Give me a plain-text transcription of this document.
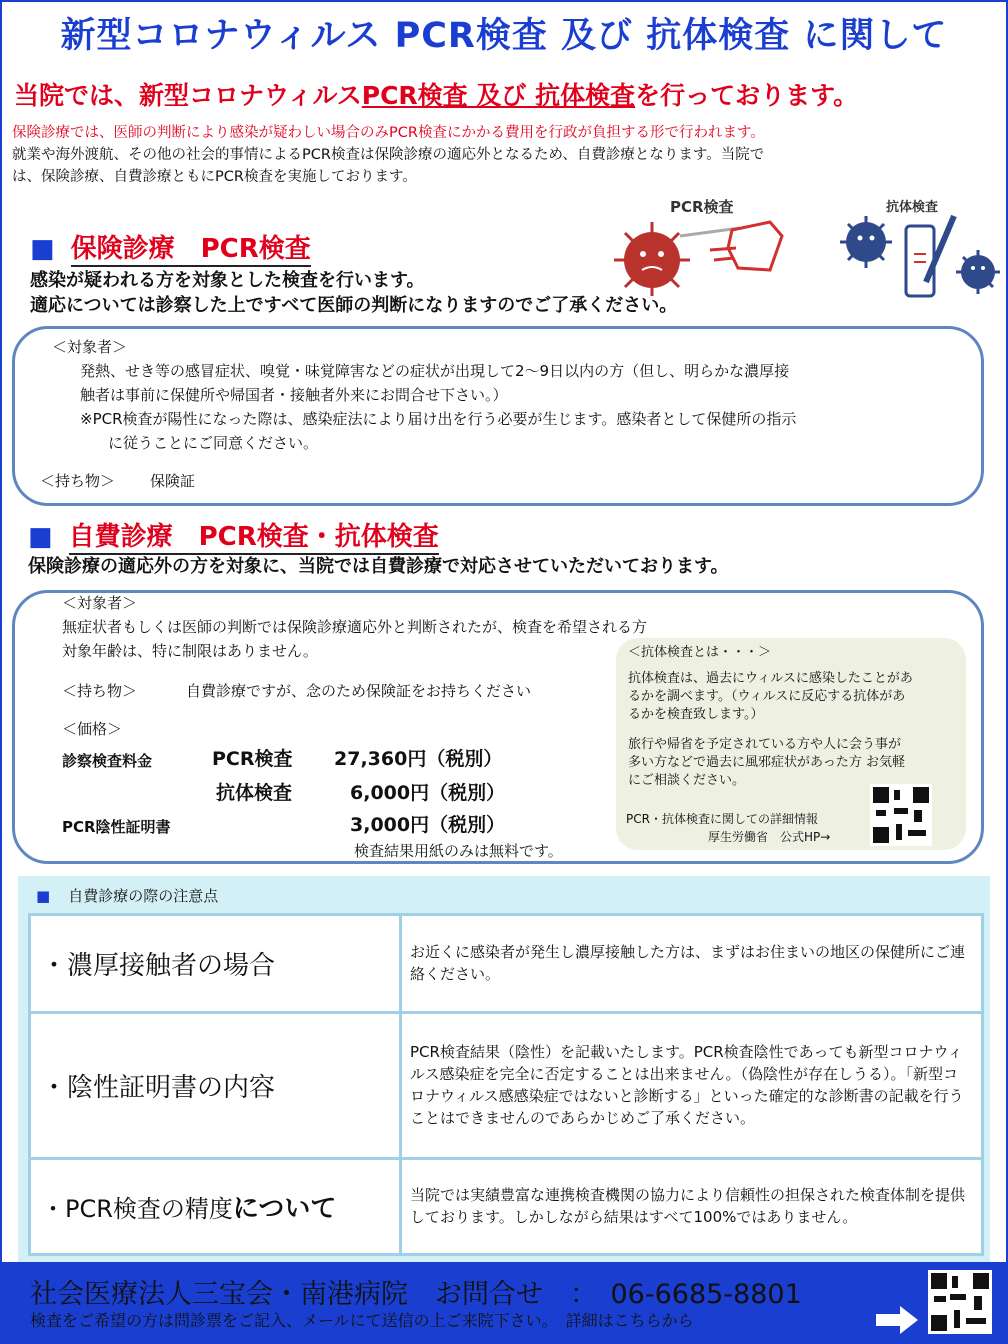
新型コロナウィルス PCR検査 及び 抗体検査 に関して
当院では、新型コロナウィルスPCR検査 及び 抗体検査を行っております。
保険診療では、医師の判断により感染が疑わしい場合のみPCR検査にかかる費用を行政が負担する形で行われます。
就業や海外渡航、その他の社会的事情によるPCR検査は保険診療の適応外となるため、自費診療となります。当院で
は、保険診療、自費診療ともにPCR検査を実施しております。
PCR検査	抗体検査
■ 保険診療　PCR検査
感染が疑われる方を対象とした検査を行います。
適応については診察した上ですべて医師の判断になりますのでご了承ください。
＜対象者＞
発熱、せき等の感冒症状、嗅覚・味覚障害などの症状が出現して2～9日以内の方（但し、明らかな濃厚接
触者は事前に保健所や帰国者・接触者外来にお問合せ下さい。）
※PCR検査が陽性になった際は、感染症法により届け出を行う必要が生じます。感染者として保健所の指示
に従うことにご同意ください。
＜持ち物＞ 保険証
■ 自費診療　PCR検査・抗体検査
保険診療の適応外の方を対象に、当院では自費診療で対応させていただいております。
＜対象者＞
無症状者もしくは医師の判断では保険診療適応外と判断されたが、検査を希望される方
対象年齢は、特に制限はありません。
＜持ち物＞	自費診療ですが、念のため保険証をお持ちください
＜価格＞
診察検査料金	PCR検査 27,360円（税別）
抗体検査	6,000円（税別）
PCR陰性証明書	3,000円（税別）
検査結果用紙のみは無料です。
＜抗体検査とは・・・＞
抗体検査は、過去にウィルスに感染したことがあ
るかを調べます。（ウィルスに反応する抗体があ
るかを検査致します。）
旅行や帰省を予定されている方や人に会う事が
多い方などで過去に風邪症状があった方 お気軽
にご相談ください。
PCR・抗体検査に関しての詳細情報
厚生労働省　公式HP→
■ 自費診療の際の注意点
・濃厚接触者の場合	お近くに感染者が発生し濃厚接触した方は、まずはお住まいの地区の保健所にご連絡ください。
・陰性証明書の内容	PCR検査結果（陰性）を記載いたします。PCR検査陰性であっても新型コロナウィルス感染症を完全に否定することは出来ません。（偽陰性が存在しうる）。「新型コロナウィルス感感染症ではないと診断する」といった確定的な診断書の記載を行うことはできませんのであらかじめご了承ください。
・PCR検査の精度について	当院では実績豊富な連携検査機関の協力により信頼性の担保された検査体制を提供しております。しかしながら結果はすべて100%ではありません。
社会医療法人三宝会・南港病院　お問合せ　：　06-6685-8801
検査をご希望の方は問診票をご記入、メールにて送信の上ご来院下さい。　詳細はこちらから
